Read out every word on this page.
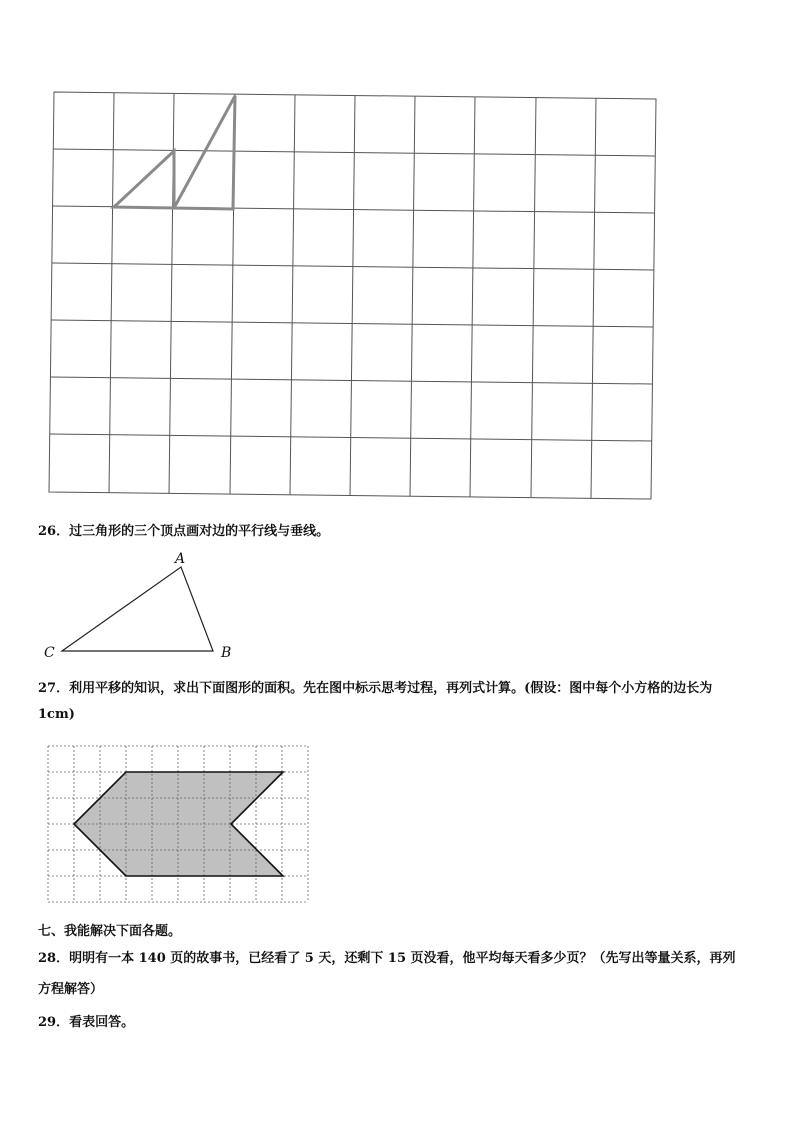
26．过三角形的三个顶点画对边的平行线与垂线。
A
B
C
27．利用平移的知识，求出下面图形的面积。先在图中标示思考过程，再列式计算。(假设：图中每个小方格的边长为
1cm)
七、我能解决下面各题。
28．明明有一本 140 页的故事书，已经看了 5 天，还剩下 15 页没看，他平均每天看多少页？（先写出等量关系，再列
方程解答）
29．看表回答。
